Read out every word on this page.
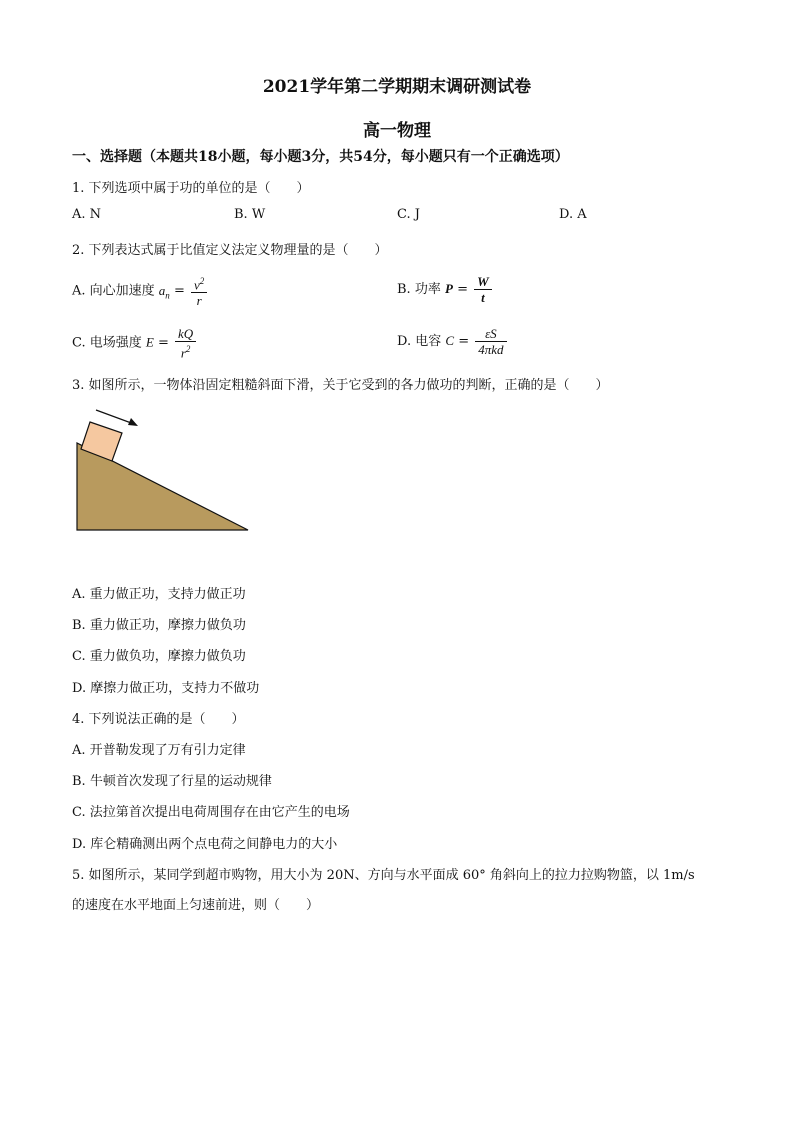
2021学年第二学期期末调研测试卷
高一物理
一、选择题（本题共18小题，每小题3分，共54分，每小题只有一个正确选项）
1. 下列选项中属于功的单位的是（　　）
A. N	B. W	C. J	D. A
2. 下列表达式属于比值定义法定义物理量的是（　　）
A. 向心加速度 $a_n = \frac{v^2}{r}$	B. 功率 $P = \frac{W}{t}$
C. 电场强度 $E = \frac{kQ}{r^2}$	D. 电容 $C = \frac{\varepsilon S}{\text{4πkd}}$
3. 如图所示，一物体沿固定粗糙斜面下滑，关于它受到的各力做功的判断，正确的是（　　）
A. 重力做正功，支持力做正功
B. 重力做正功，摩擦力做负功
C. 重力做负功，摩擦力做负功
D. 摩擦力做正功，支持力不做功
4. 下列说法正确的是（　　）
A. 开普勒发现了万有引力定律
B. 牛顿首次发现了行星的运动规律
C. 法拉第首次提出电荷周围存在由它产生的电场
D. 库仑精确测出两个点电荷之间静电力的大小
5. 如图所示，某同学到超市购物，用大小为 20N、方向与水平面成 60° 角斜向上的拉力拉购物篮，以 1m/s
的速度在水平地面上匀速前进，则（　　）
